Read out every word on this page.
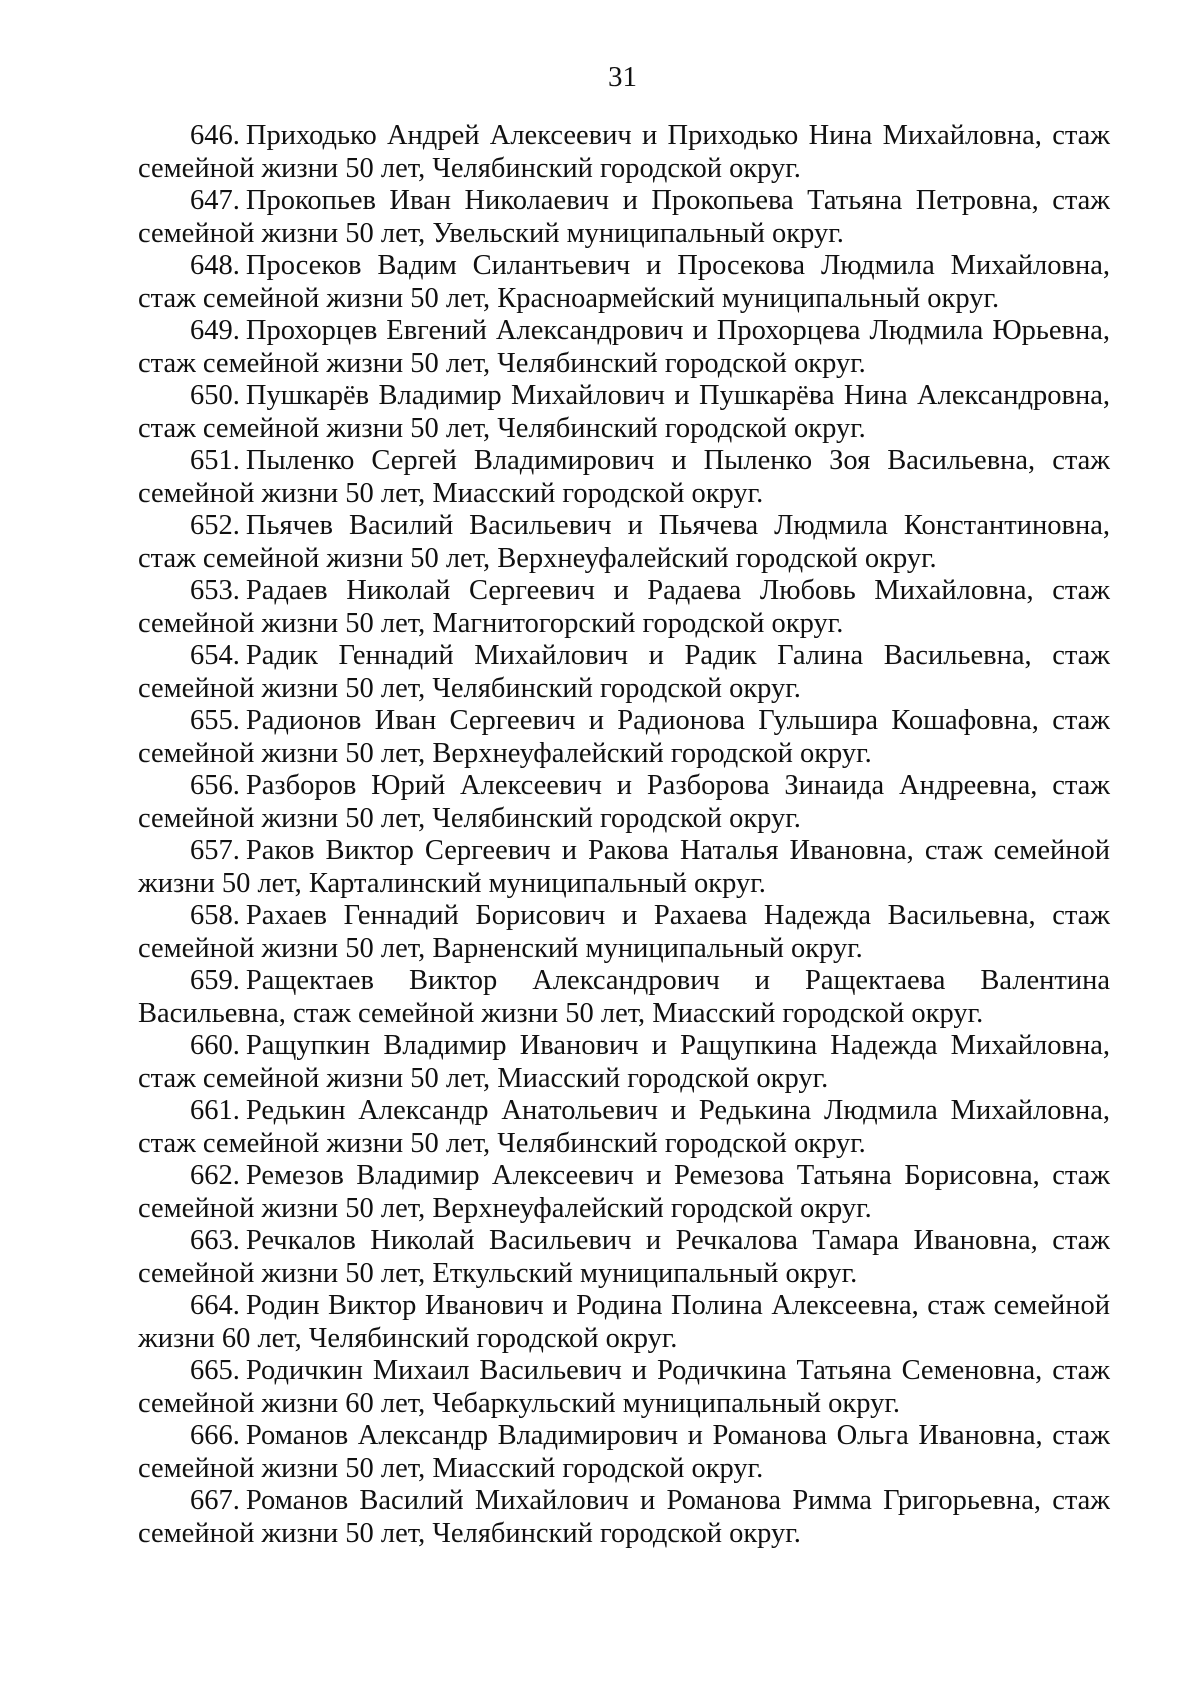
31
646. Приходько Андрей Алексеевич и Приходько Нина Михайловна, стаж семейной жизни 50 лет, Челябинский городской округ.
647. Прокопьев Иван Николаевич и Прокопьева Татьяна Петровна, стаж семейной жизни 50 лет, Увельский муниципальный округ.
648. Просеков Вадим Силантьевич и Просекова Людмила Михайловна, стаж семейной жизни 50 лет, Красноармейский муниципальный округ.
649. Прохорцев Евгений Александрович и Прохорцева Людмила Юрьевна, стаж семейной жизни 50 лет, Челябинский городской округ.
650. Пушкарёв Владимир Михайлович и Пушкарёва Нина Александровна, стаж семейной жизни 50 лет, Челябинский городской округ.
651. Пыленко Сергей Владимирович и Пыленко Зоя Васильевна, стаж семейной жизни 50 лет, Миасский городской округ.
652. Пьячев Василий Васильевич и Пьячева Людмила Константиновна, стаж семейной жизни 50 лет, Верхнеуфалейский городской округ.
653. Радаев Николай Сергеевич и Радаева Любовь Михайловна, стаж семейной жизни 50 лет, Магнитогорский городской округ.
654. Радик Геннадий Михайлович и Радик Галина Васильевна, стаж семейной жизни 50 лет, Челябинский городской округ.
655. Радионов Иван Сергеевич и Радионова Гульшира Кошафовна, стаж семейной жизни 50 лет, Верхнеуфалейский городской округ.
656. Разборов Юрий Алексеевич и Разборова Зинаида Андреевна, стаж семейной жизни 50 лет, Челябинский городской округ.
657. Раков Виктор Сергеевич и Ракова Наталья Ивановна, стаж семейной жизни 50 лет, Карталинский муниципальный округ.
658. Рахаев Геннадий Борисович и Рахаева Надежда Васильевна, стаж семейной жизни 50 лет, Варненский муниципальный округ.
659. Ращектаев Виктор Александрович и Ращектаева Валентина Васильевна, стаж семейной жизни 50 лет, Миасский городской округ.
660. Ращупкин Владимир Иванович и Ращупкина Надежда Михайловна, стаж семейной жизни 50 лет, Миасский городской округ.
661. Редькин Александр Анатольевич и Редькина Людмила Михайловна, стаж семейной жизни 50 лет, Челябинский городской округ.
662. Ремезов Владимир Алексеевич и Ремезова Татьяна Борисовна, стаж семейной жизни 50 лет, Верхнеуфалейский городской округ.
663. Речкалов Николай Васильевич и Речкалова Тамара Ивановна, стаж семейной жизни 50 лет, Еткульский муниципальный округ.
664. Родин Виктор Иванович и Родина Полина Алексеевна, стаж семейной жизни 60 лет, Челябинский городской округ.
665. Родичкин Михаил Васильевич и Родичкина Татьяна Семеновна, стаж семейной жизни 60 лет, Чебаркульский муниципальный округ.
666. Романов Александр Владимирович и Романова Ольга Ивановна, стаж семейной жизни 50 лет, Миасский городской округ.
667. Романов Василий Михайлович и Романова Римма Григорьевна, стаж семейной жизни 50 лет, Челябинский городской округ.
